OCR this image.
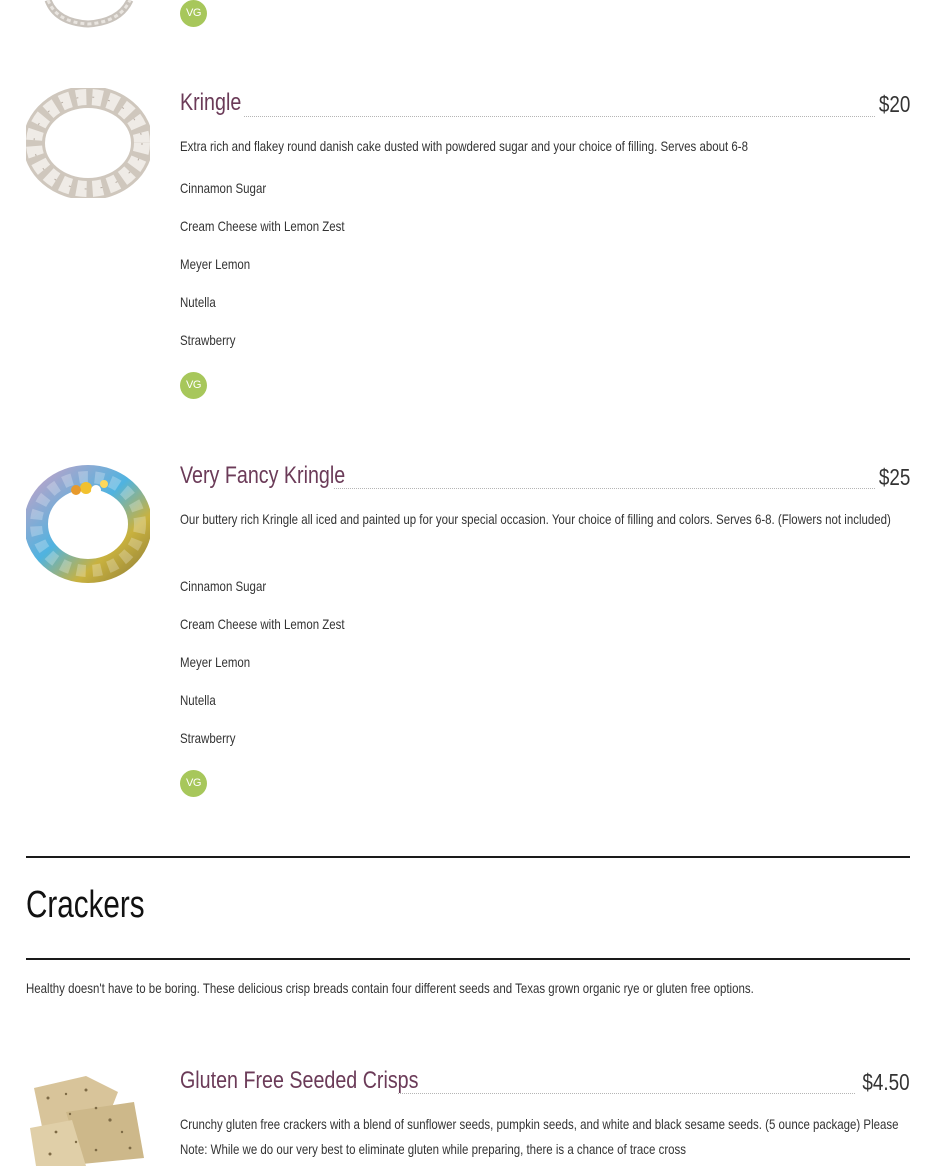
VG
Kringle	$20
Extra rich and flakey round danish cake dusted with powdered sugar and your choice of filling. Serves about 6-8
Cinnamon Sugar
Cream Cheese with Lemon Zest
Meyer Lemon
Nutella
Strawberry
VG
Very Fancy Kringle	$25
Our buttery rich Kringle all iced and painted up for your special occasion. Your choice of filling and colors. Serves 6-8. (Flowers not included)
Cinnamon Sugar
Cream Cheese with Lemon Zest
Meyer Lemon
Nutella
Strawberry
VG
Crackers
Healthy doesn't have to be boring. These delicious crisp breads contain four different seeds and Texas grown organic rye or gluten free options.
Gluten Free Seeded Crisps	$4.50
Crunchy gluten free crackers with a blend of sunflower seeds, pumpkin seeds, and white and black sesame seeds. (5 ounce package) Please Note: While we do our very best to eliminate gluten while preparing, there is a chance of trace cross
